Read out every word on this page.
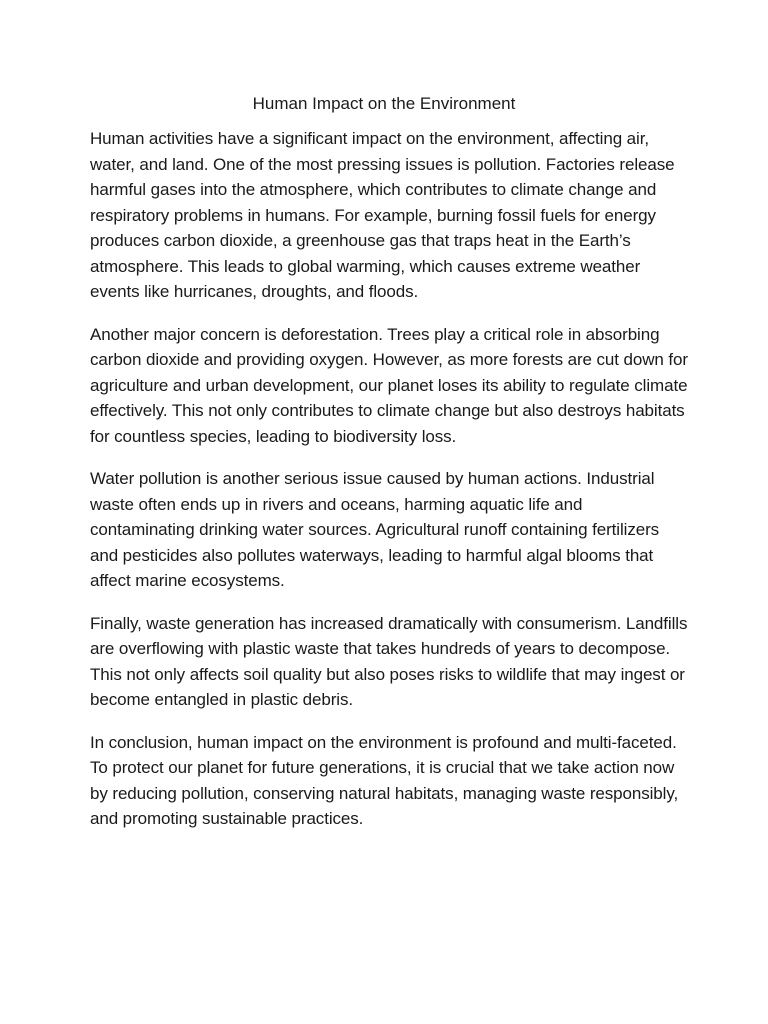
Human Impact on the Environment

Human activities have a significant impact on the environment, affecting air, water, and land. One of the most pressing issues is pollution. Factories release harmful gases into the atmosphere, which contributes to climate change and respiratory problems in humans. For example, burning fossil fuels for energy produces carbon dioxide, a greenhouse gas that traps heat in the Earth’s atmosphere. This leads to global warming, which causes extreme weather events like hurricanes, droughts, and floods.

Another major concern is deforestation. Trees play a critical role in absorbing carbon dioxide and providing oxygen. However, as more forests are cut down for agriculture and urban development, our planet loses its ability to regulate climate effectively. This not only contributes to climate change but also destroys habitats for countless species, leading to biodiversity loss.

Water pollution is another serious issue caused by human actions. Industrial waste often ends up in rivers and oceans, harming aquatic life and contaminating drinking water sources. Agricultural runoff containing fertilizers and pesticides also pollutes waterways, leading to harmful algal blooms that affect marine ecosystems.

Finally, waste generation has increased dramatically with consumerism. Landfills are overflowing with plastic waste that takes hundreds of years to decompose. This not only affects soil quality but also poses risks to wildlife that may ingest or become entangled in plastic debris.

In conclusion, human impact on the environment is profound and multi-faceted. To protect our planet for future generations, it is crucial that we take action now by reducing pollution, conserving natural habitats, managing waste responsibly, and promoting sustainable practices.
